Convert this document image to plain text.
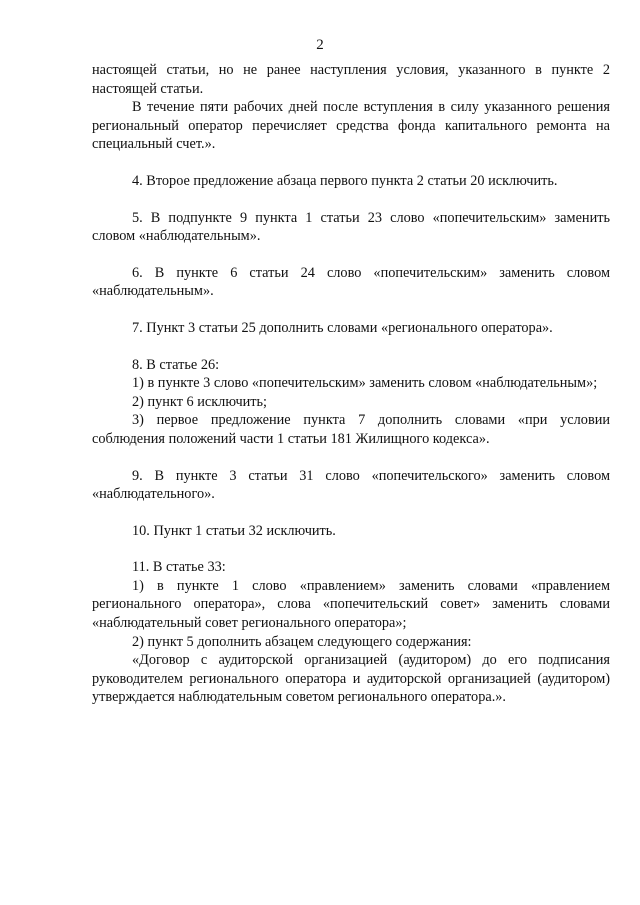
2

настоящей статьи, но не ранее наступления условия, указанного в пункте 2 настоящей статьи.

В течение пяти рабочих дней после вступления в силу указанного решения региональный оператор перечисляет средства фонда капитального ремонта на специальный счет.».

4. Второе предложение абзаца первого пункта 2 статьи 20 исключить.

5. В подпункте 9 пункта 1 статьи 23 слово «попечительским» заменить словом «наблюдательным».

6. В пункте 6 статьи 24 слово «попечительским» заменить словом «наблюдательным».

7. Пункт 3 статьи 25 дополнить словами «регионального оператора».

8. В статье 26:

1) в пункте 3 слово «попечительским» заменить словом «наблюдательным»;

2) пункт 6 исключить;

3) первое предложение пункта 7 дополнить словами «при условии соблюдения положений части 1 статьи 181 Жилищного кодекса».

9. В пункте 3 статьи 31 слово «попечительского» заменить словом «наблюдательного».

10. Пункт 1 статьи 32 исключить.

11. В статье 33:

1) в пункте 1 слово «правлением» заменить словами «правлением регионального оператора», слова «попечительский совет» заменить словами «наблюдательный совет регионального оператора»;

2) пункт 5 дополнить абзацем следующего содержания:

«Договор с аудиторской организацией (аудитором) до его подписания руководителем регионального оператора и аудиторской организацией (аудитором) утверждается наблюдательным советом регионального оператора.».
